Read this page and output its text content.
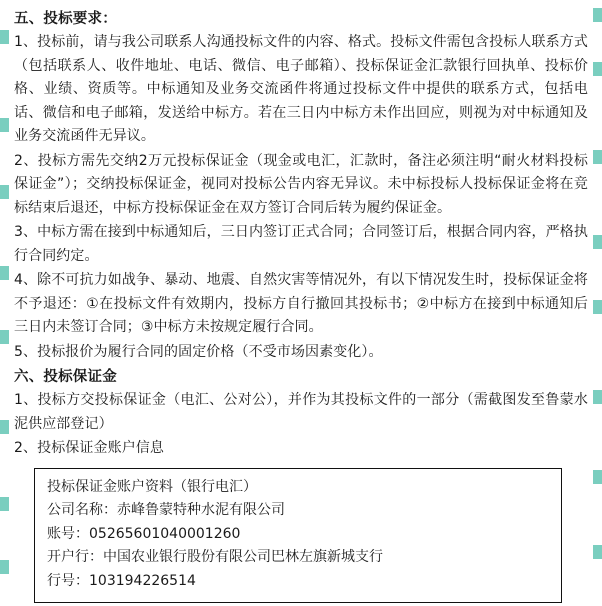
五、投标要求：

1、投标前，请与我公司联系人沟通投标文件的内容、格式。投标文件需包含投标人联系方式（包括联系人、收件地址、电话、微信、电子邮箱）、投标保证金汇款银行回执单、投标价格、业绩、资质等。中标通知及业务交流函件将通过投标文件中提供的联系方式，包括电话、微信和电子邮箱，发送给中标方。若在三日内中标方未作出回应，则视为对中标通知及业务交流函件无异议。

2、投标方需先交纳2万元投标保证金（现金或电汇，汇款时，备注必须注明“耐火材料投标保证金”）；交纳投标保证金，视同对投标公告内容无异议。未中标投标人投标保证金将在竞标结束后退还，中标方投标保证金在双方签订合同后转为履约保证金。

3、中标方需在接到中标通知后，三日内签订正式合同；合同签订后，根据合同内容，严格执行合同约定。

4、除不可抗力如战争、暴动、地震、自然灾害等情况外，有以下情况发生时，投标保证金将不予退还：①在投标文件有效期内，投标方自行撤回其投标书；②中标方在接到中标通知后三日内未签订合同；③中标方未按规定履行合同。

5、投标报价为履行合同的固定价格（不受市场因素变化）。

六、投标保证金

1、投标方交投标保证金（电汇、公对公），并作为其投标文件的一部分（需截图发至鲁蒙水泥供应部登记）

2、投标保证金账户信息

投标保证金账户资料（银行电汇）
公司名称：赤峰鲁蒙特种水泥有限公司
账号：05265601040001260
开户行：中国农业银行股份有限公司巴林左旗新城支行
行号：103194226514
